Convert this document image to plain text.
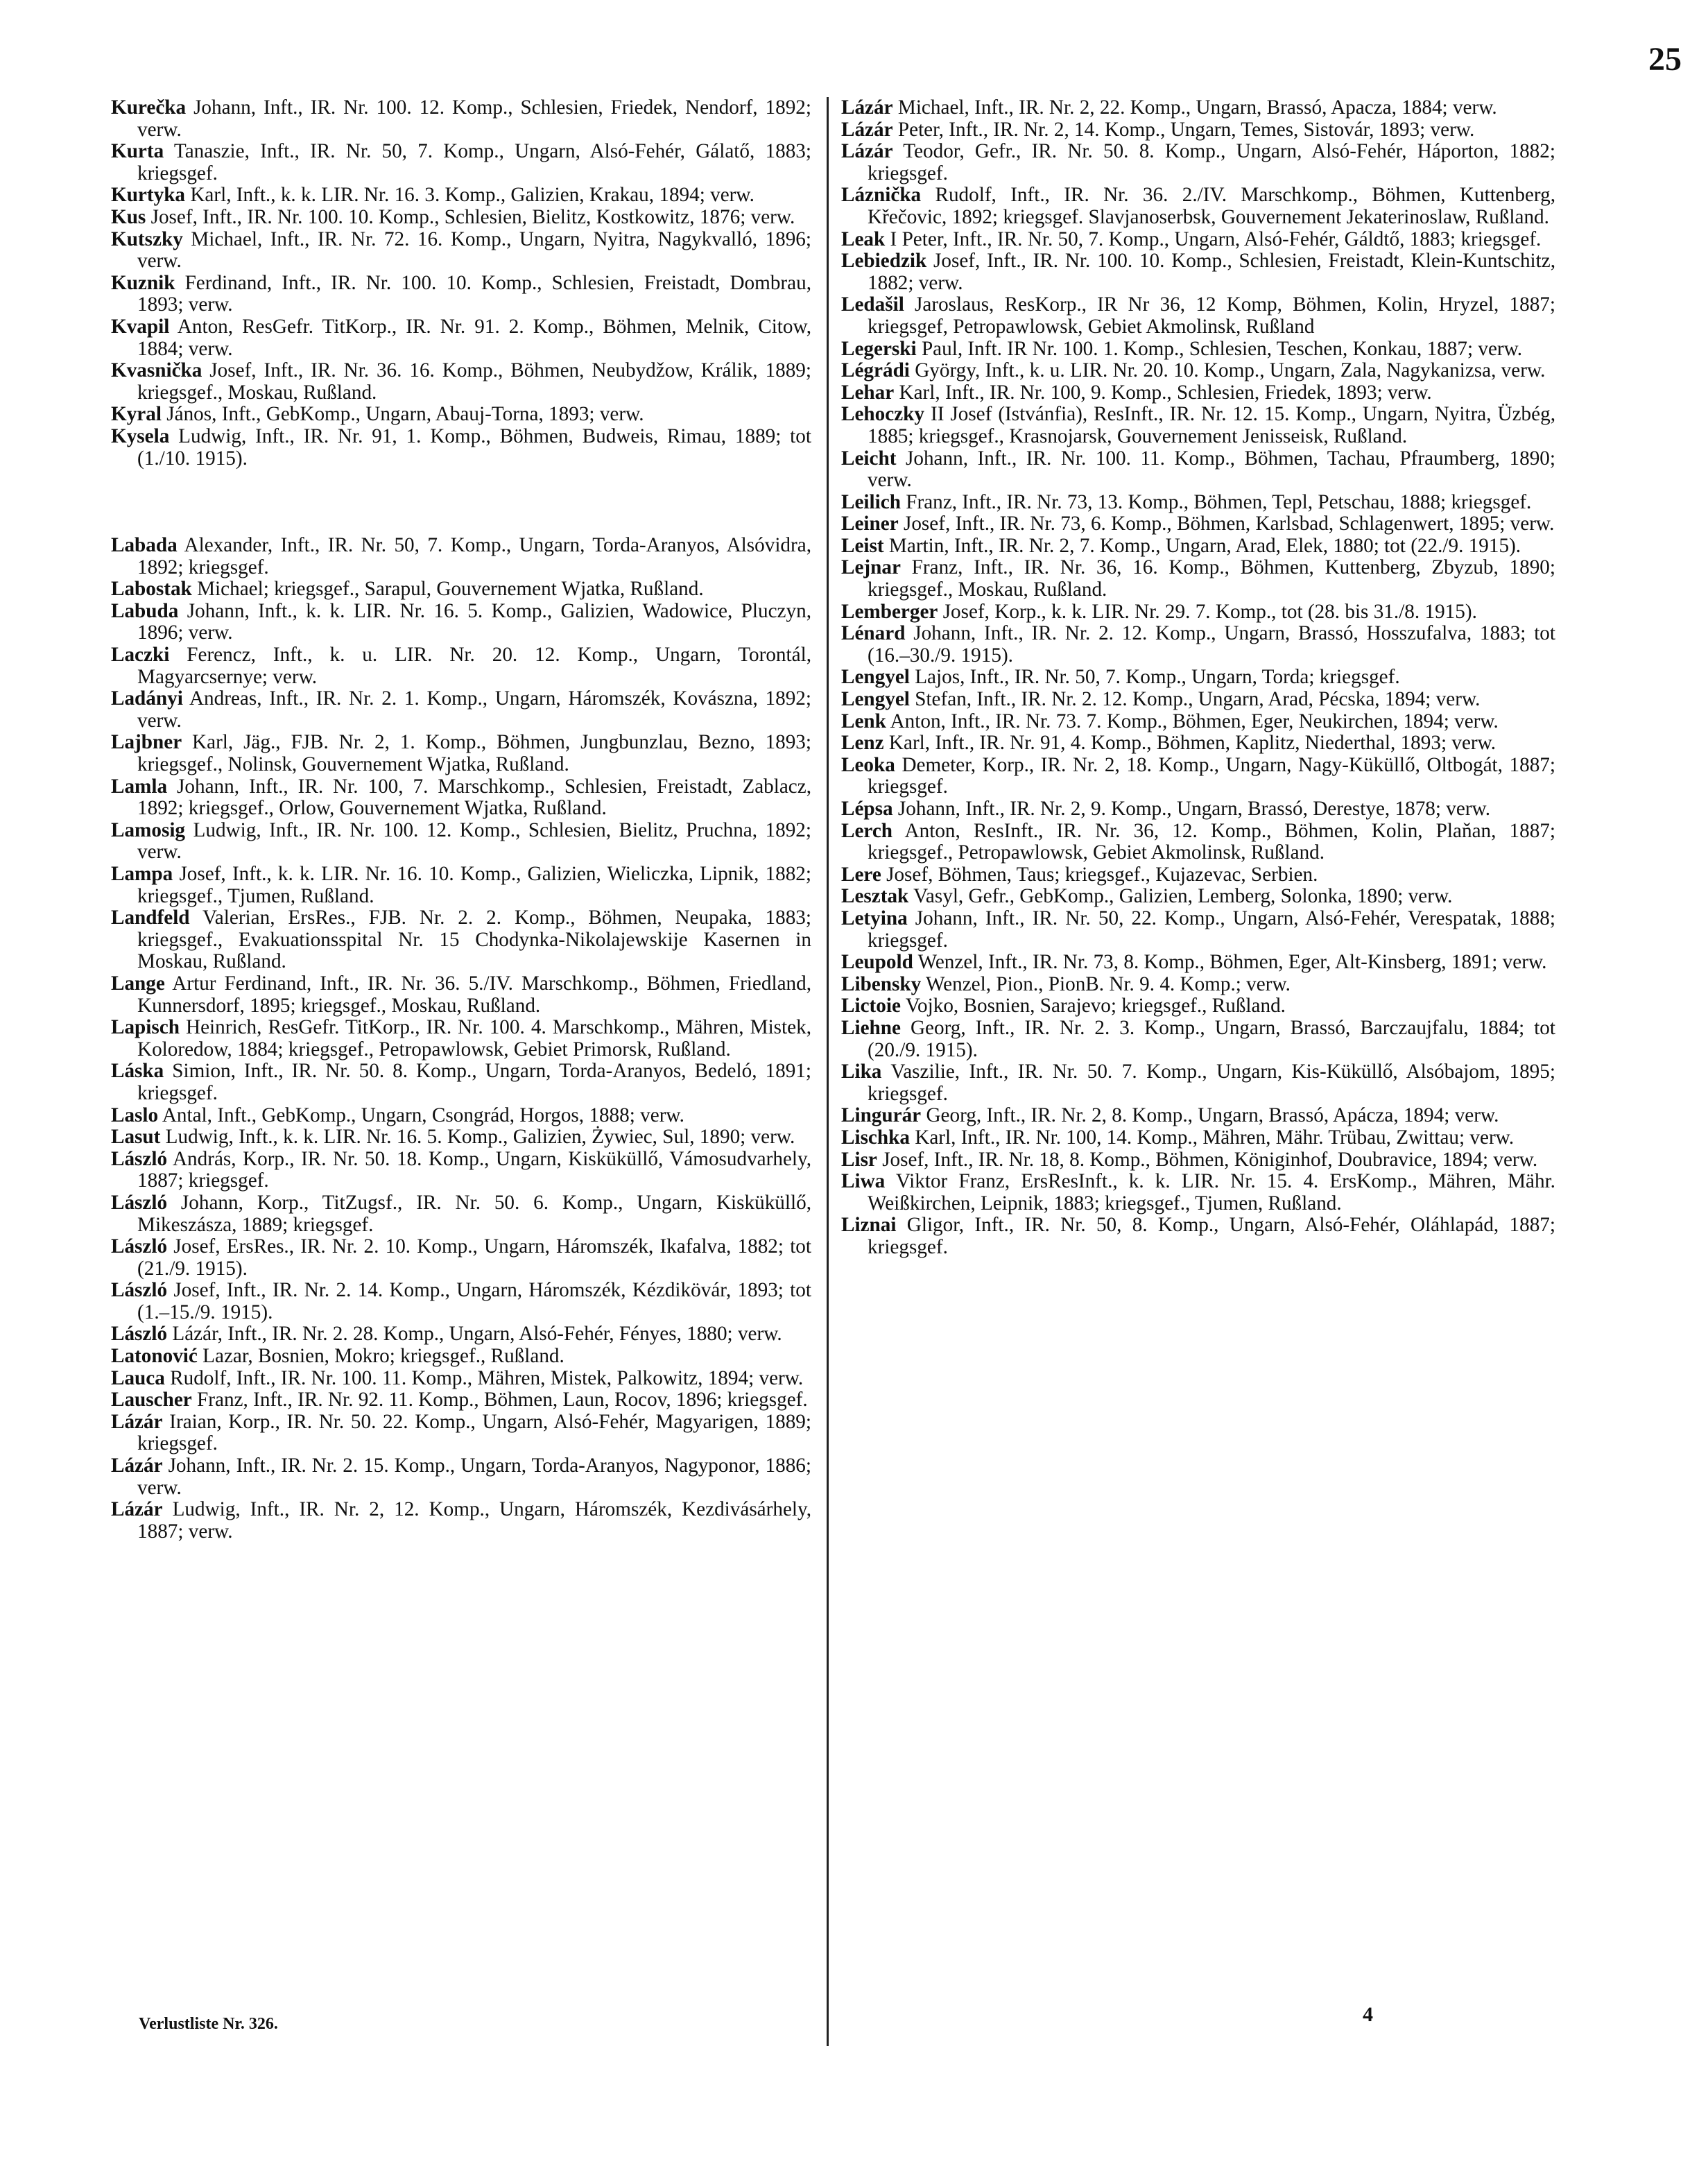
25

Kurečka Johann, Inft., IR. Nr. 100. 12. Komp., Schlesien, Friedek, Nendorf, 1892; verw.

Kurta Tanaszie, Inft., IR. Nr. 50, 7. Komp., Ungarn, Alsó-Fehér, Gálatő, 1883; kriegsgef.

Kurtyka Karl, Inft., k. k. LIR. Nr. 16. 3. Komp., Galizien, Krakau, 1894; verw.

Kus Josef, Inft., IR. Nr. 100. 10. Komp., Schlesien, Bielitz, Kostkowitz, 1876; verw.

Kutszky Michael, Inft., IR. Nr. 72. 16. Komp., Ungarn, Nyitra, Nagykvalló, 1896; verw.

Kuznik Ferdinand, Inft., IR. Nr. 100. 10. Komp., Schlesien, Freistadt, Dombrau, 1893; verw.

Kvapil Anton, ResGefr. TitKorp., IR. Nr. 91. 2. Komp., Böhmen, Melnik, Citow, 1884; verw.

Kvasnička Josef, Inft., IR. Nr. 36. 16. Komp., Böhmen, Neubydžow, Králik, 1889; kriegsgef., Moskau, Rußland.

Kyral János, Inft., GebKomp., Ungarn, Abauj-Torna, 1893; verw.

Kysela Ludwig, Inft., IR. Nr. 91, 1. Komp., Böhmen, Budweis, Rimau, 1889; tot (1./10. 1915).

Labada Alexander, Inft., IR. Nr. 50, 7. Komp., Ungarn, Torda-Aranyos, Alsóvidra, 1892; kriegsgef.

Labostak Michael; kriegsgef., Sarapul, Gouvernement Wjatka, Rußland.

Labuda Johann, Inft., k. k. LIR. Nr. 16. 5. Komp., Galizien, Wadowice, Pluczyn, 1896; verw.

Laczki Ferencz, Inft., k. u. LIR. Nr. 20. 12. Komp., Ungarn, Torontál, Magyarcsernye; verw.

Ladányi Andreas, Inft., IR. Nr. 2. 1. Komp., Ungarn, Háromszék, Kovászna, 1892; verw.

Lajbner Karl, Jäg., FJB. Nr. 2, 1. Komp., Böhmen, Jungbunzlau, Bezno, 1893; kriegsgef., Nolinsk, Gouvernement Wjatka, Rußland.

Lamla Johann, Inft., IR. Nr. 100, 7. Marschkomp., Schlesien, Freistadt, Zablacz, 1892; kriegsgef., Orlow, Gouvernement Wjatka, Rußland.

Lamosig Ludwig, Inft., IR. Nr. 100. 12. Komp., Schlesien, Bielitz, Pruchna, 1892; verw.

Lampa Josef, Inft., k. k. LIR. Nr. 16. 10. Komp., Galizien, Wieliczka, Lipnik, 1882; kriegsgef., Tjumen, Rußland.

Landfeld Valerian, ErsRes., FJB. Nr. 2. 2. Komp., Böhmen, Neupaka, 1883; kriegsgef., Evakuationsspital Nr. 15 Chodynka-Nikolajewskije Kasernen in Moskau, Rußland.

Lange Artur Ferdinand, Inft., IR. Nr. 36. 5./IV. Marschkomp., Böhmen, Friedland, Kunnersdorf, 1895; kriegsgef., Moskau, Rußland.

Lapisch Heinrich, ResGefr. TitKorp., IR. Nr. 100. 4. Marschkomp., Mähren, Mistek, Koloredow, 1884; kriegsgef., Petropawlowsk, Gebiet Primorsk, Rußland.

Láska Simion, Inft., IR. Nr. 50. 8. Komp., Ungarn, Torda-Aranyos, Bedeló, 1891; kriegsgef.

Laslo Antal, Inft., GebKomp., Ungarn, Csongrád, Horgos, 1888; verw.

Lasut Ludwig, Inft., k. k. LIR. Nr. 16. 5. Komp., Galizien, Żywiec, Sul, 1890; verw.

László András, Korp., IR. Nr. 50. 18. Komp., Ungarn, Kisküküllő, Vámosudvarhely, 1887; kriegsgef.

László Johann, Korp., TitZugsf., IR. Nr. 50. 6. Komp., Ungarn, Kisküküllő, Mikeszásza, 1889; kriegsgef.

László Josef, ErsRes., IR. Nr. 2. 10. Komp., Ungarn, Háromszék, Ikafalva, 1882; tot (21./9. 1915).

László Josef, Inft., IR. Nr. 2. 14. Komp., Ungarn, Háromszék, Kézdikövár, 1893; tot (1.–15./9. 1915).

László Lázár, Inft., IR. Nr. 2. 28. Komp., Ungarn, Alsó-Fehér, Fényes, 1880; verw.

Latonović Lazar, Bosnien, Mokro; kriegsgef., Rußland.

Lauca Rudolf, Inft., IR. Nr. 100. 11. Komp., Mähren, Mistek, Palkowitz, 1894; verw.

Lauscher Franz, Inft., IR. Nr. 92. 11. Komp., Böhmen, Laun, Rocov, 1896; kriegsgef.

Lázár Iraian, Korp., IR. Nr. 50. 22. Komp., Ungarn, Alsó-Fehér, Magyarigen, 1889; kriegsgef.

Lázár Johann, Inft., IR. Nr. 2. 15. Komp., Ungarn, Torda-Aranyos, Nagyponor, 1886; verw.

Lázár Ludwig, Inft., IR. Nr. 2, 12. Komp., Ungarn, Háromszék, Kezdivásárhely, 1887; verw.

Lázár Michael, Inft., IR. Nr. 2, 22. Komp., Ungarn, Brassó, Apacza, 1884; verw.

Lázár Peter, Inft., IR. Nr. 2, 14. Komp., Ungarn, Temes, Sistovár, 1893; verw.

Lázár Teodor, Gefr., IR. Nr. 50. 8. Komp., Ungarn, Alsó-Fehér, Háporton, 1882; kriegsgef.

Láznička Rudolf, Inft., IR. Nr. 36. 2./IV. Marschkomp., Böhmen, Kuttenberg, Křečovic, 1892; kriegsgef. Slavjanoserbsk, Gouvernement Jekaterinoslaw, Rußland.

Leak I Peter, Inft., IR. Nr. 50, 7. Komp., Ungarn, Alsó-Fehér, Gáldtő, 1883; kriegsgef.

Lebiedzik Josef, Inft., IR. Nr. 100. 10. Komp., Schlesien, Freistadt, Klein-Kuntschitz, 1882; verw.

Ledašil Jaroslaus, ResKorp., IR Nr 36, 12 Komp, Böhmen, Kolin, Hryzel, 1887; kriegsgef, Petropawlowsk, Gebiet Akmolinsk, Rußland

Legerski Paul, Inft. IR Nr. 100. 1. Komp., Schlesien, Teschen, Konkau, 1887; verw.

Légrádi György, Inft., k. u. LIR. Nr. 20. 10. Komp., Ungarn, Zala, Nagykanizsa, verw.

Lehar Karl, Inft., IR. Nr. 100, 9. Komp., Schlesien, Friedek, 1893; verw.

Lehoczky II Josef (Istvánfia), ResInft., IR. Nr. 12. 15. Komp., Ungarn, Nyitra, Üzbég, 1885; kriegsgef., Krasnojarsk, Gouvernement Jenisseisk, Rußland.

Leicht Johann, Inft., IR. Nr. 100. 11. Komp., Böhmen, Tachau, Pfraumberg, 1890; verw.

Leilich Franz, Inft., IR. Nr. 73, 13. Komp., Böhmen, Tepl, Petschau, 1888; kriegsgef.

Leiner Josef, Inft., IR. Nr. 73, 6. Komp., Böhmen, Karlsbad, Schlagenwert, 1895; verw.

Leist Martin, Inft., IR. Nr. 2, 7. Komp., Ungarn, Arad, Elek, 1880; tot (22./9. 1915).

Lejnar Franz, Inft., IR. Nr. 36, 16. Komp., Böhmen, Kuttenberg, Zbyzub, 1890; kriegsgef., Moskau, Rußland.

Lemberger Josef, Korp., k. k. LIR. Nr. 29. 7. Komp., tot (28. bis 31./8. 1915).

Lénard Johann, Inft., IR. Nr. 2. 12. Komp., Ungarn, Brassó, Hosszufalva, 1883; tot (16.–30./9. 1915).

Lengyel Lajos, Inft., IR. Nr. 50, 7. Komp., Ungarn, Torda; kriegsgef.

Lengyel Stefan, Inft., IR. Nr. 2. 12. Komp., Ungarn, Arad, Pécska, 1894; verw.

Lenk Anton, Inft., IR. Nr. 73. 7. Komp., Böhmen, Eger, Neukirchen, 1894; verw.

Lenz Karl, Inft., IR. Nr. 91, 4. Komp., Böhmen, Kaplitz, Niederthal, 1893; verw.

Leoka Demeter, Korp., IR. Nr. 2, 18. Komp., Ungarn, Nagy-Küküllő, Oltbogát, 1887; kriegsgef.

Lépsa Johann, Inft., IR. Nr. 2, 9. Komp., Ungarn, Brassó, Derestye, 1878; verw.

Lerch Anton, ResInft., IR. Nr. 36, 12. Komp., Böhmen, Kolin, Plaňan, 1887; kriegsgef., Petropawlowsk, Gebiet Akmolinsk, Rußland.

Lere Josef, Böhmen, Taus; kriegsgef., Kujazevac, Serbien.

Lesztak Vasyl, Gefr., GebKomp., Galizien, Lemberg, Solonka, 1890; verw.

Letyina Johann, Inft., IR. Nr. 50, 22. Komp., Ungarn, Alsó-Fehér, Verespatak, 1888; kriegsgef.

Leupold Wenzel, Inft., IR. Nr. 73, 8. Komp., Böhmen, Eger, Alt-Kinsberg, 1891; verw.

Libensky Wenzel, Pion., PionB. Nr. 9. 4. Komp.; verw.

Lictoie Vojko, Bosnien, Sarajevo; kriegsgef., Rußland.

Liehne Georg, Inft., IR. Nr. 2. 3. Komp., Ungarn, Brassó, Barczaujfalu, 1884; tot (20./9. 1915).

Lika Vaszilie, Inft., IR. Nr. 50. 7. Komp., Ungarn, Kis-Küküllő, Alsóbajom, 1895; kriegsgef.

Lingurár Georg, Inft., IR. Nr. 2, 8. Komp., Ungarn, Brassó, Apácza, 1894; verw.

Lischka Karl, Inft., IR. Nr. 100, 14. Komp., Mähren, Mähr. Trübau, Zwittau; verw.

Lisr Josef, Inft., IR. Nr. 18, 8. Komp., Böhmen, Königinhof, Doubravice, 1894; verw.

Liwa Viktor Franz, ErsResInft., k. k. LIR. Nr. 15. 4. ErsKomp., Mähren, Mähr. Weißkirchen, Leipnik, 1883; kriegsgef., Tjumen, Rußland.

Liznai Gligor, Inft., IR. Nr. 50, 8. Komp., Ungarn, Alsó-Fehér, Oláhlapád, 1887; kriegsgef.

Verlustliste Nr. 326.	4
